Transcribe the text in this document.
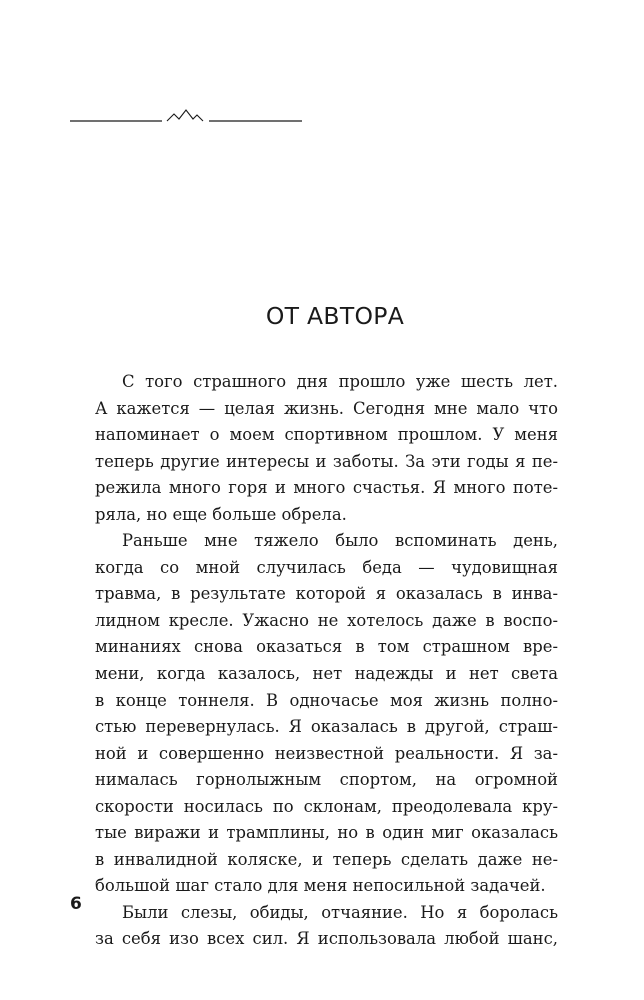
ОТ АВТОРА
С того страшного дня прошло уже шесть лет.
А кажется — целая жизнь. Сегодня мне мало что
напоминает о моем спортивном прошлом. У меня
теперь другие интересы и заботы. За эти годы я пе-
режила много горя и много счастья. Я много поте-
ряла, но еще больше обрела.
Раньше мне тяжело было вспоминать день,
когда со мной случилась беда — чудовищная
травма, в результате которой я оказалась в инва-
лидном кресле. Ужасно не хотелось даже в воспо-
минаниях снова оказаться в том страшном вре-
мени, когда казалось, нет надежды и нет света
в конце тоннеля. В одночасье моя жизнь полно-
стью перевернулась. Я оказалась в другой, страш-
ной и совершенно неизвестной реальности. Я за-
нималась горнолыжным спортом, на огромной
скорости носилась по склонам, преодолевала кру-
тые виражи и трамплины, но в один миг оказалась
в инвалидной коляске, и теперь сделать даже не-
большой шаг стало для меня непосильной задачей.
Были слезы, обиды, отчаяние. Но я боролась
за себя изо всех сил. Я использовала любой шанс,
6
